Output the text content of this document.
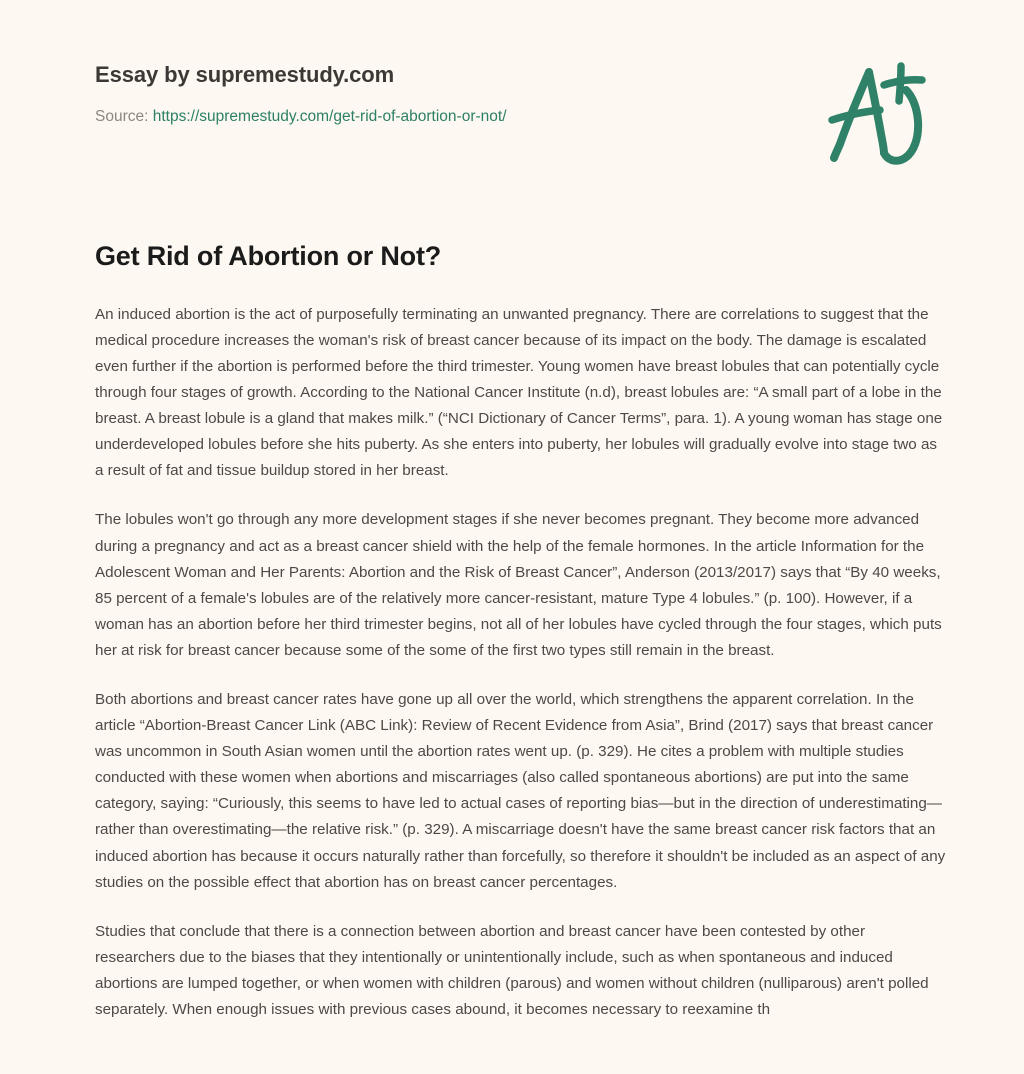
Essay by supremestudy.com
Source: https://supremestudy.com/get-rid-of-abortion-or-not/
Get Rid of Abortion or Not?

An induced abortion is the act of purposefully terminating an unwanted pregnancy. There are correlations to suggest that the medical procedure increases the woman's risk of breast cancer because of its impact on the body. The damage is escalated even further if the abortion is performed before the third trimester. Young women have breast lobules that can potentially cycle through four stages of growth. According to the National Cancer Institute (n.d), breast lobules are: “A small part of a lobe in the breast. A breast lobule is a gland that makes milk.” (“NCI Dictionary of Cancer Terms”, para. 1). A young woman has stage one underdeveloped lobules before she hits puberty. As she enters into puberty, her lobules will gradually evolve into stage two as a result of fat and tissue buildup stored in her breast.

The lobules won't go through any more development stages if she never becomes pregnant. They become more advanced during a pregnancy and act as a breast cancer shield with the help of the female hormones. In the article Information for the Adolescent Woman and Her Parents: Abortion and the Risk of Breast Cancer”, Anderson (2013/2017) says that “By 40 weeks, 85 percent of a female's lobules are of the relatively more cancer-resistant, mature Type 4 lobules.” (p. 100). However, if a woman has an abortion before her third trimester begins, not all of her lobules have cycled through the four stages, which puts her at risk for breast cancer because some of the some of the first two types still remain in the breast.

Both abortions and breast cancer rates have gone up all over the world, which strengthens the apparent correlation. In the article “Abortion-Breast Cancer Link (ABC Link): Review of Recent Evidence from Asia”, Brind (2017) says that breast cancer was uncommon in South Asian women until the abortion rates went up. (p. 329). He cites a problem with multiple studies conducted with these women when abortions and miscarriages (also called spontaneous abortions) are put into the same category, saying: “Curiously, this seems to have led to actual cases of reporting bias—but in the direction of underestimating—rather than overestimating—the relative risk.” (p. 329). A miscarriage doesn't have the same breast cancer risk factors that an induced abortion has because it occurs naturally rather than forcefully, so therefore it shouldn't be included as an aspect of any studies on the possible effect that abortion has on breast cancer percentages.

Studies that conclude that there is a connection between abortion and breast cancer have been contested by other researchers due to the biases that they intentionally or unintentionally include, such as when spontaneous and induced abortions are lumped together, or when women with children (parous) and women without children (nulliparous) aren't polled separately. When enough issues with previous cases abound, it becomes necessary to reexamine th
